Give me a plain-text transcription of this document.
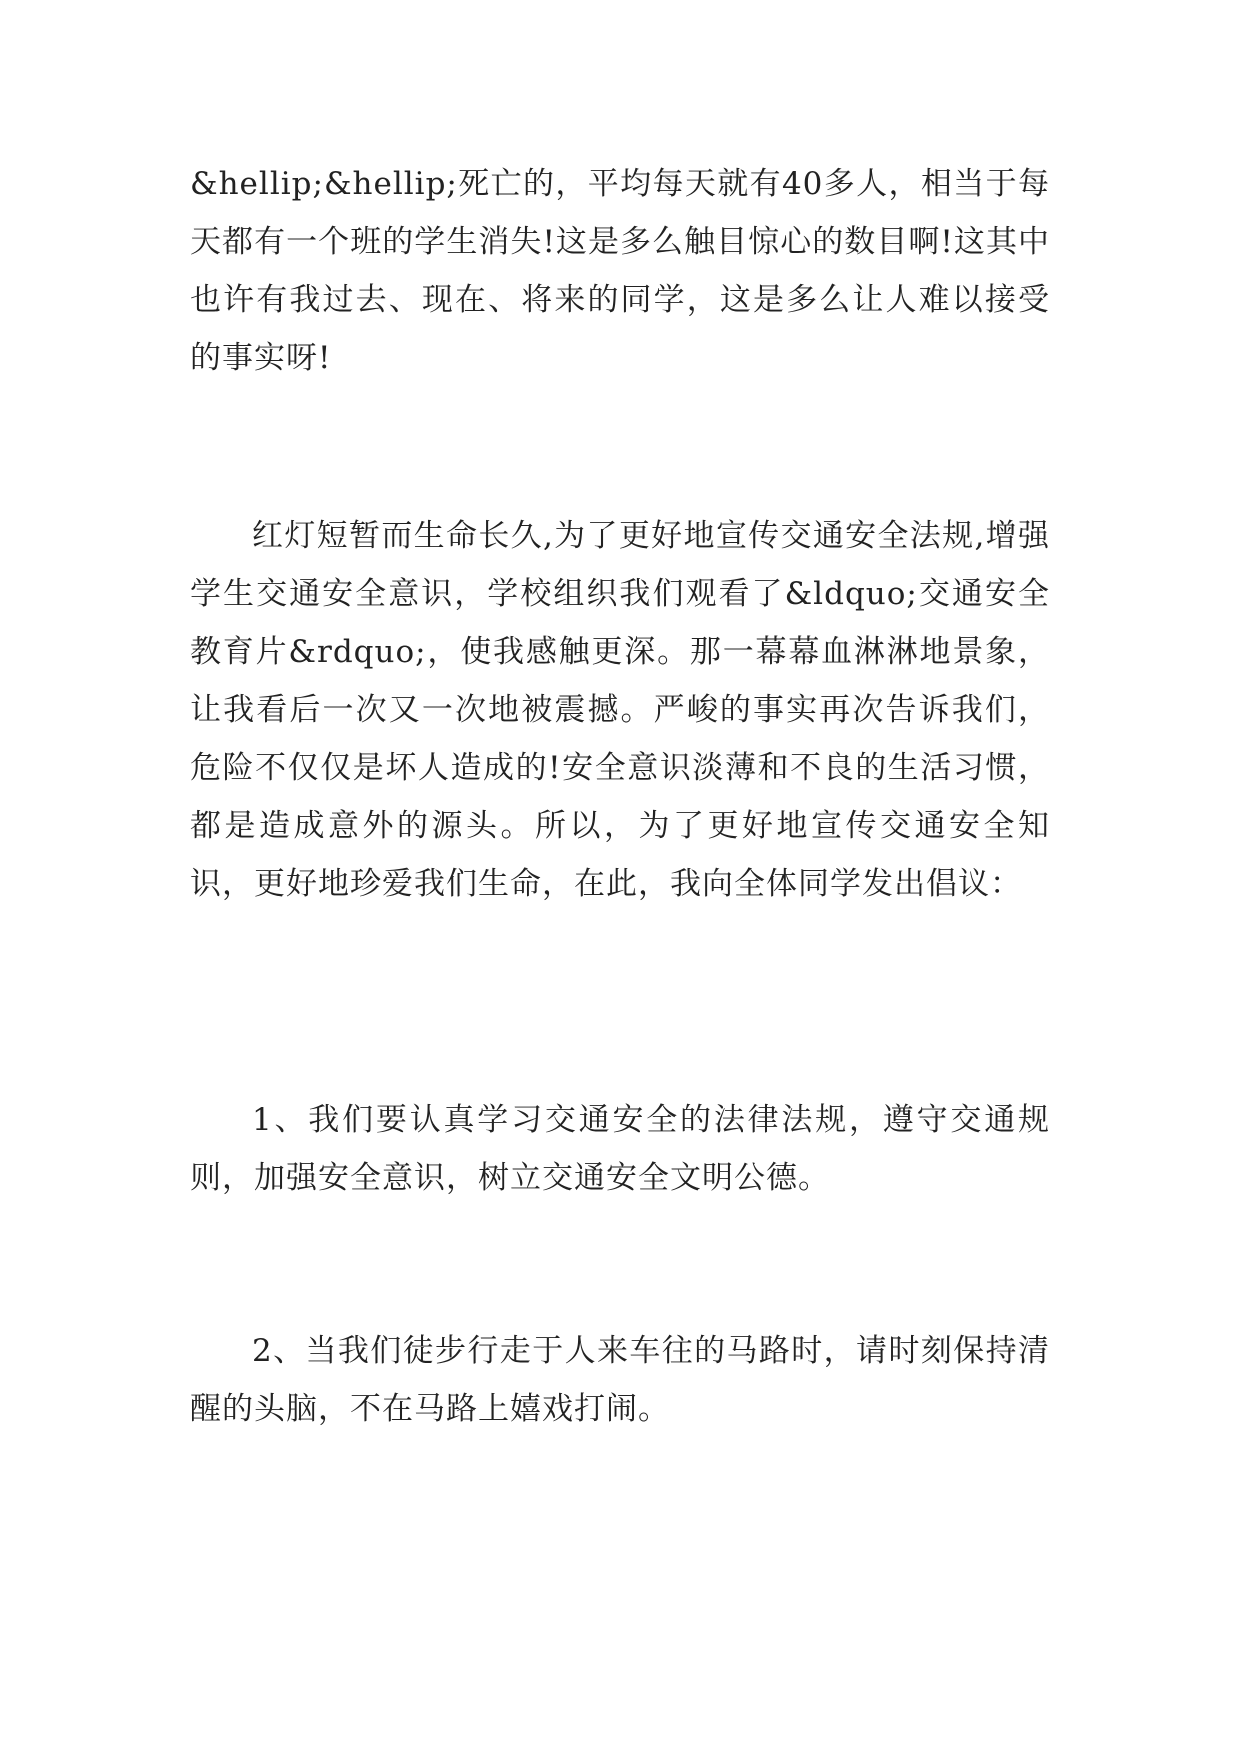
&hellip;&hellip;死亡的，平均每天就有40多人，相当于每天都有一个班的学生消失!这是多么触目惊心的数目啊!这其中也许有我过去、现在、将来的同学，这是多么让人难以接受的事实呀!

红灯短暂而生命长久,为了更好地宣传交通安全法规,增强学生交通安全意识，学校组织我们观看了&ldquo;交通安全教育片&rdquo;，使我感触更深。那一幕幕血淋淋地景象，让我看后一次又一次地被震撼。严峻的事实再次告诉我们，危险不仅仅是坏人造成的!安全意识淡薄和不良的生活习惯，都是造成意外的源头。所以，为了更好地宣传交通安全知识，更好地珍爱我们生命，在此，我向全体同学发出倡议：

1、我们要认真学习交通安全的法律法规，遵守交通规则，加强安全意识，树立交通安全文明公德。

2、当我们徒步行走于人来车往的马路时，请时刻保持清醒的头脑，不在马路上嬉戏打闹。
